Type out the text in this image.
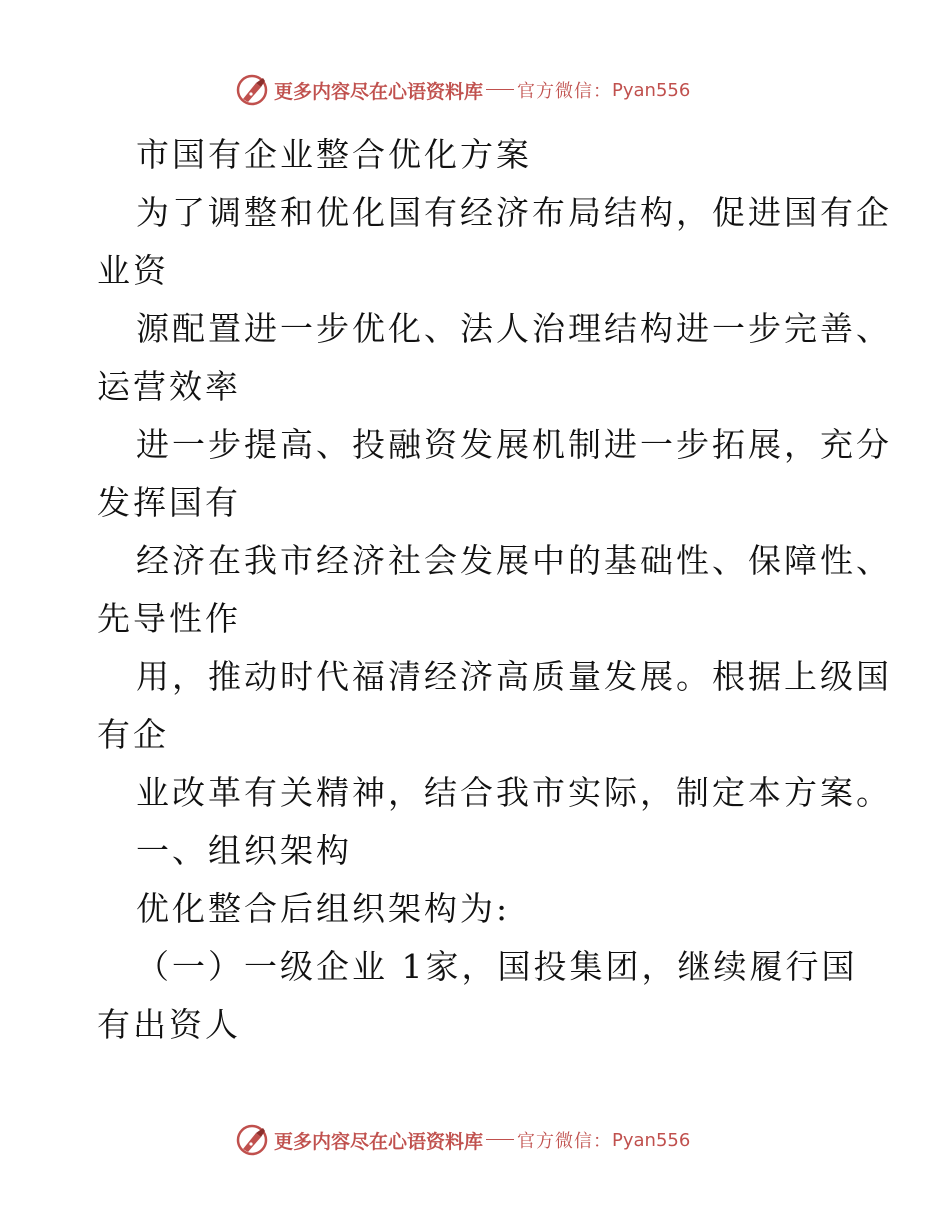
更多内容尽在心语资料库 官方微信： Pyan556
市国有企业整合优化方案
为了调整和优化国有经济布局结构，促进国有企
业资
源配置进一步优化、法人治理结构进一步完善、
运营效率
进一步提高、投融资发展机制进一步拓展，充分
发挥国有
经济在我市经济社会发展中的基础性、保障性、
先导性作
用，推动时代福清经济高质量发展。根据上级国
有企
业改革有关精神，结合我市实际，制定本方案。
一、组织架构
优化整合后组织架构为:
（一）一级企业 1家，国投集团，继续履行国
有出资人
更多内容尽在心语资料库 官方微信： Pyan556
